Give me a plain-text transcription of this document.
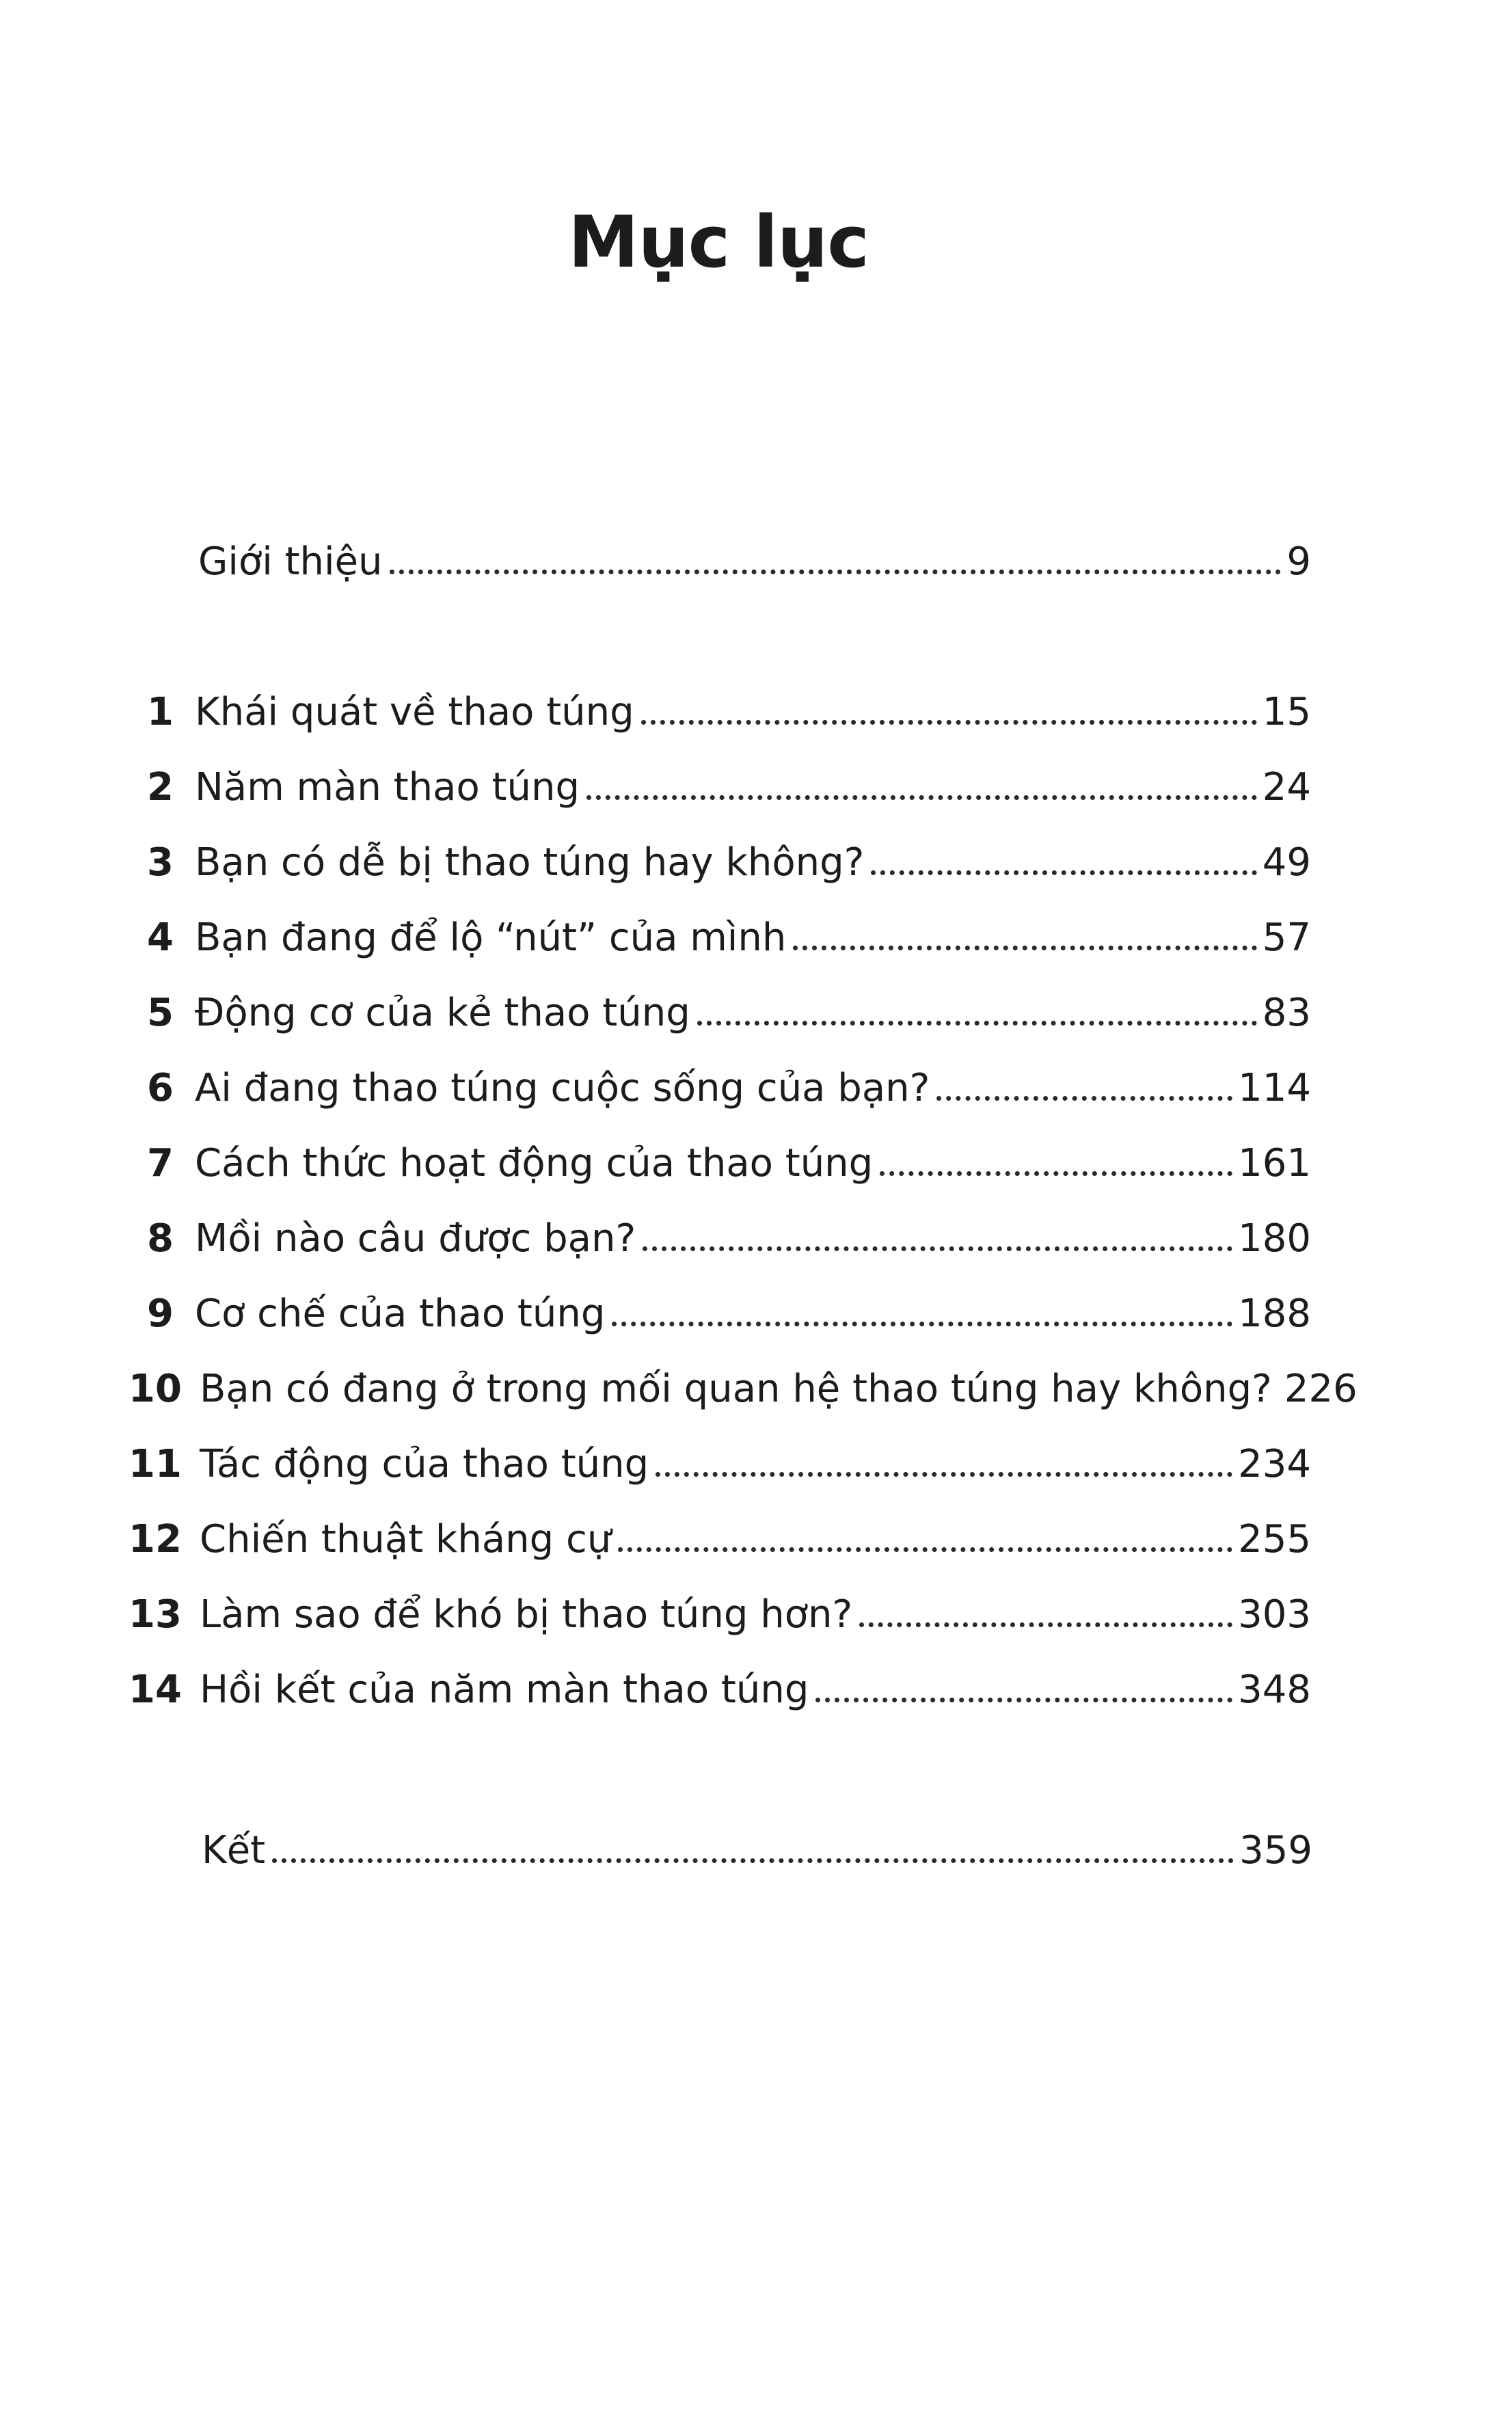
Mục lục
Giới thiệu	9
1 Khái quát về thao túng	15
2 Năm màn thao túng	24
3 Bạn có dễ bị thao túng hay không?	49
4 Bạn đang để lộ “nút” của mình	57
5 Động cơ của kẻ thao túng	83
6 Ai đang thao túng cuộc sống của bạn?	114
7 Cách thức hoạt động của thao túng	161
8 Mồi nào câu được bạn?	180
9 Cơ chế của thao túng	188
10 Bạn có đang ở trong mối quan hệ thao túng hay không? 226
11 Tác động của thao túng	234
12 Chiến thuật kháng cự	255
13 Làm sao để khó bị thao túng hơn?	303
14 Hồi kết của năm màn thao túng	348
Kết	359
